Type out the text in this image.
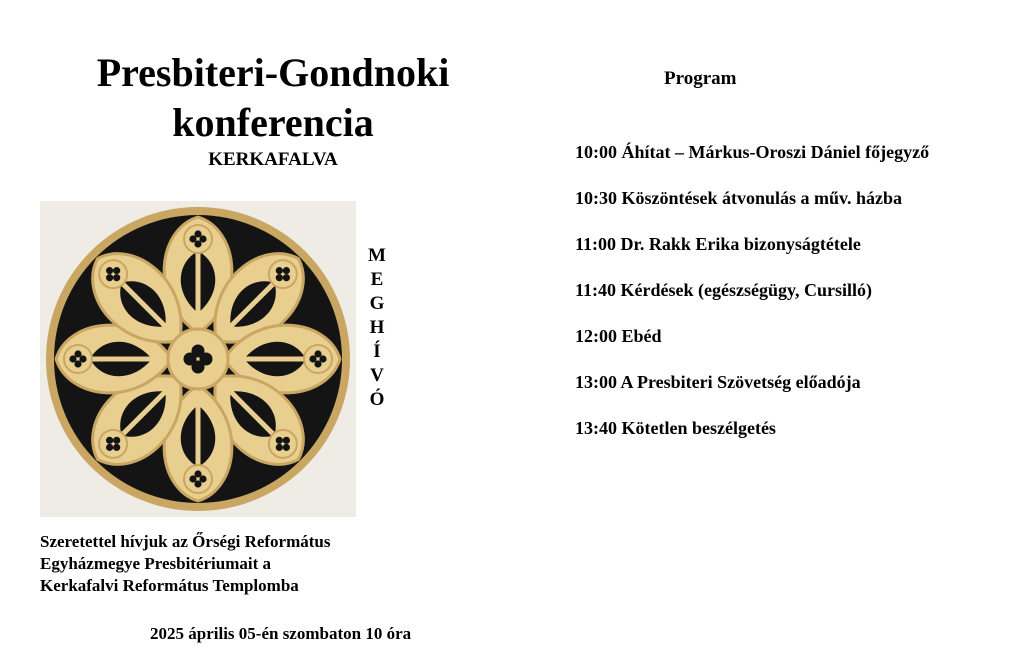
Presbiteri-Gondnoki
konferencia
KERKAFALVA
M
E
G
H
Í
V
Ó
Szeretettel hívjuk az Őrségi Református
Egyházmegye Presbitériumait a
Kerkafalvi Református Templomba
2025 április 05-én szombaton 10 óra
Program
10:00 Áhítat – Márkus-Oroszi Dániel főjegyző
10:30 Köszöntések átvonulás a műv. házba
11:00 Dr. Rakk Erika bizonyságtétele
11:40 Kérdések (egészségügy, Cursilló)
12:00 Ebéd
13:00 A Presbiteri Szövetség előadója
13:40 Kötetlen beszélgetés
